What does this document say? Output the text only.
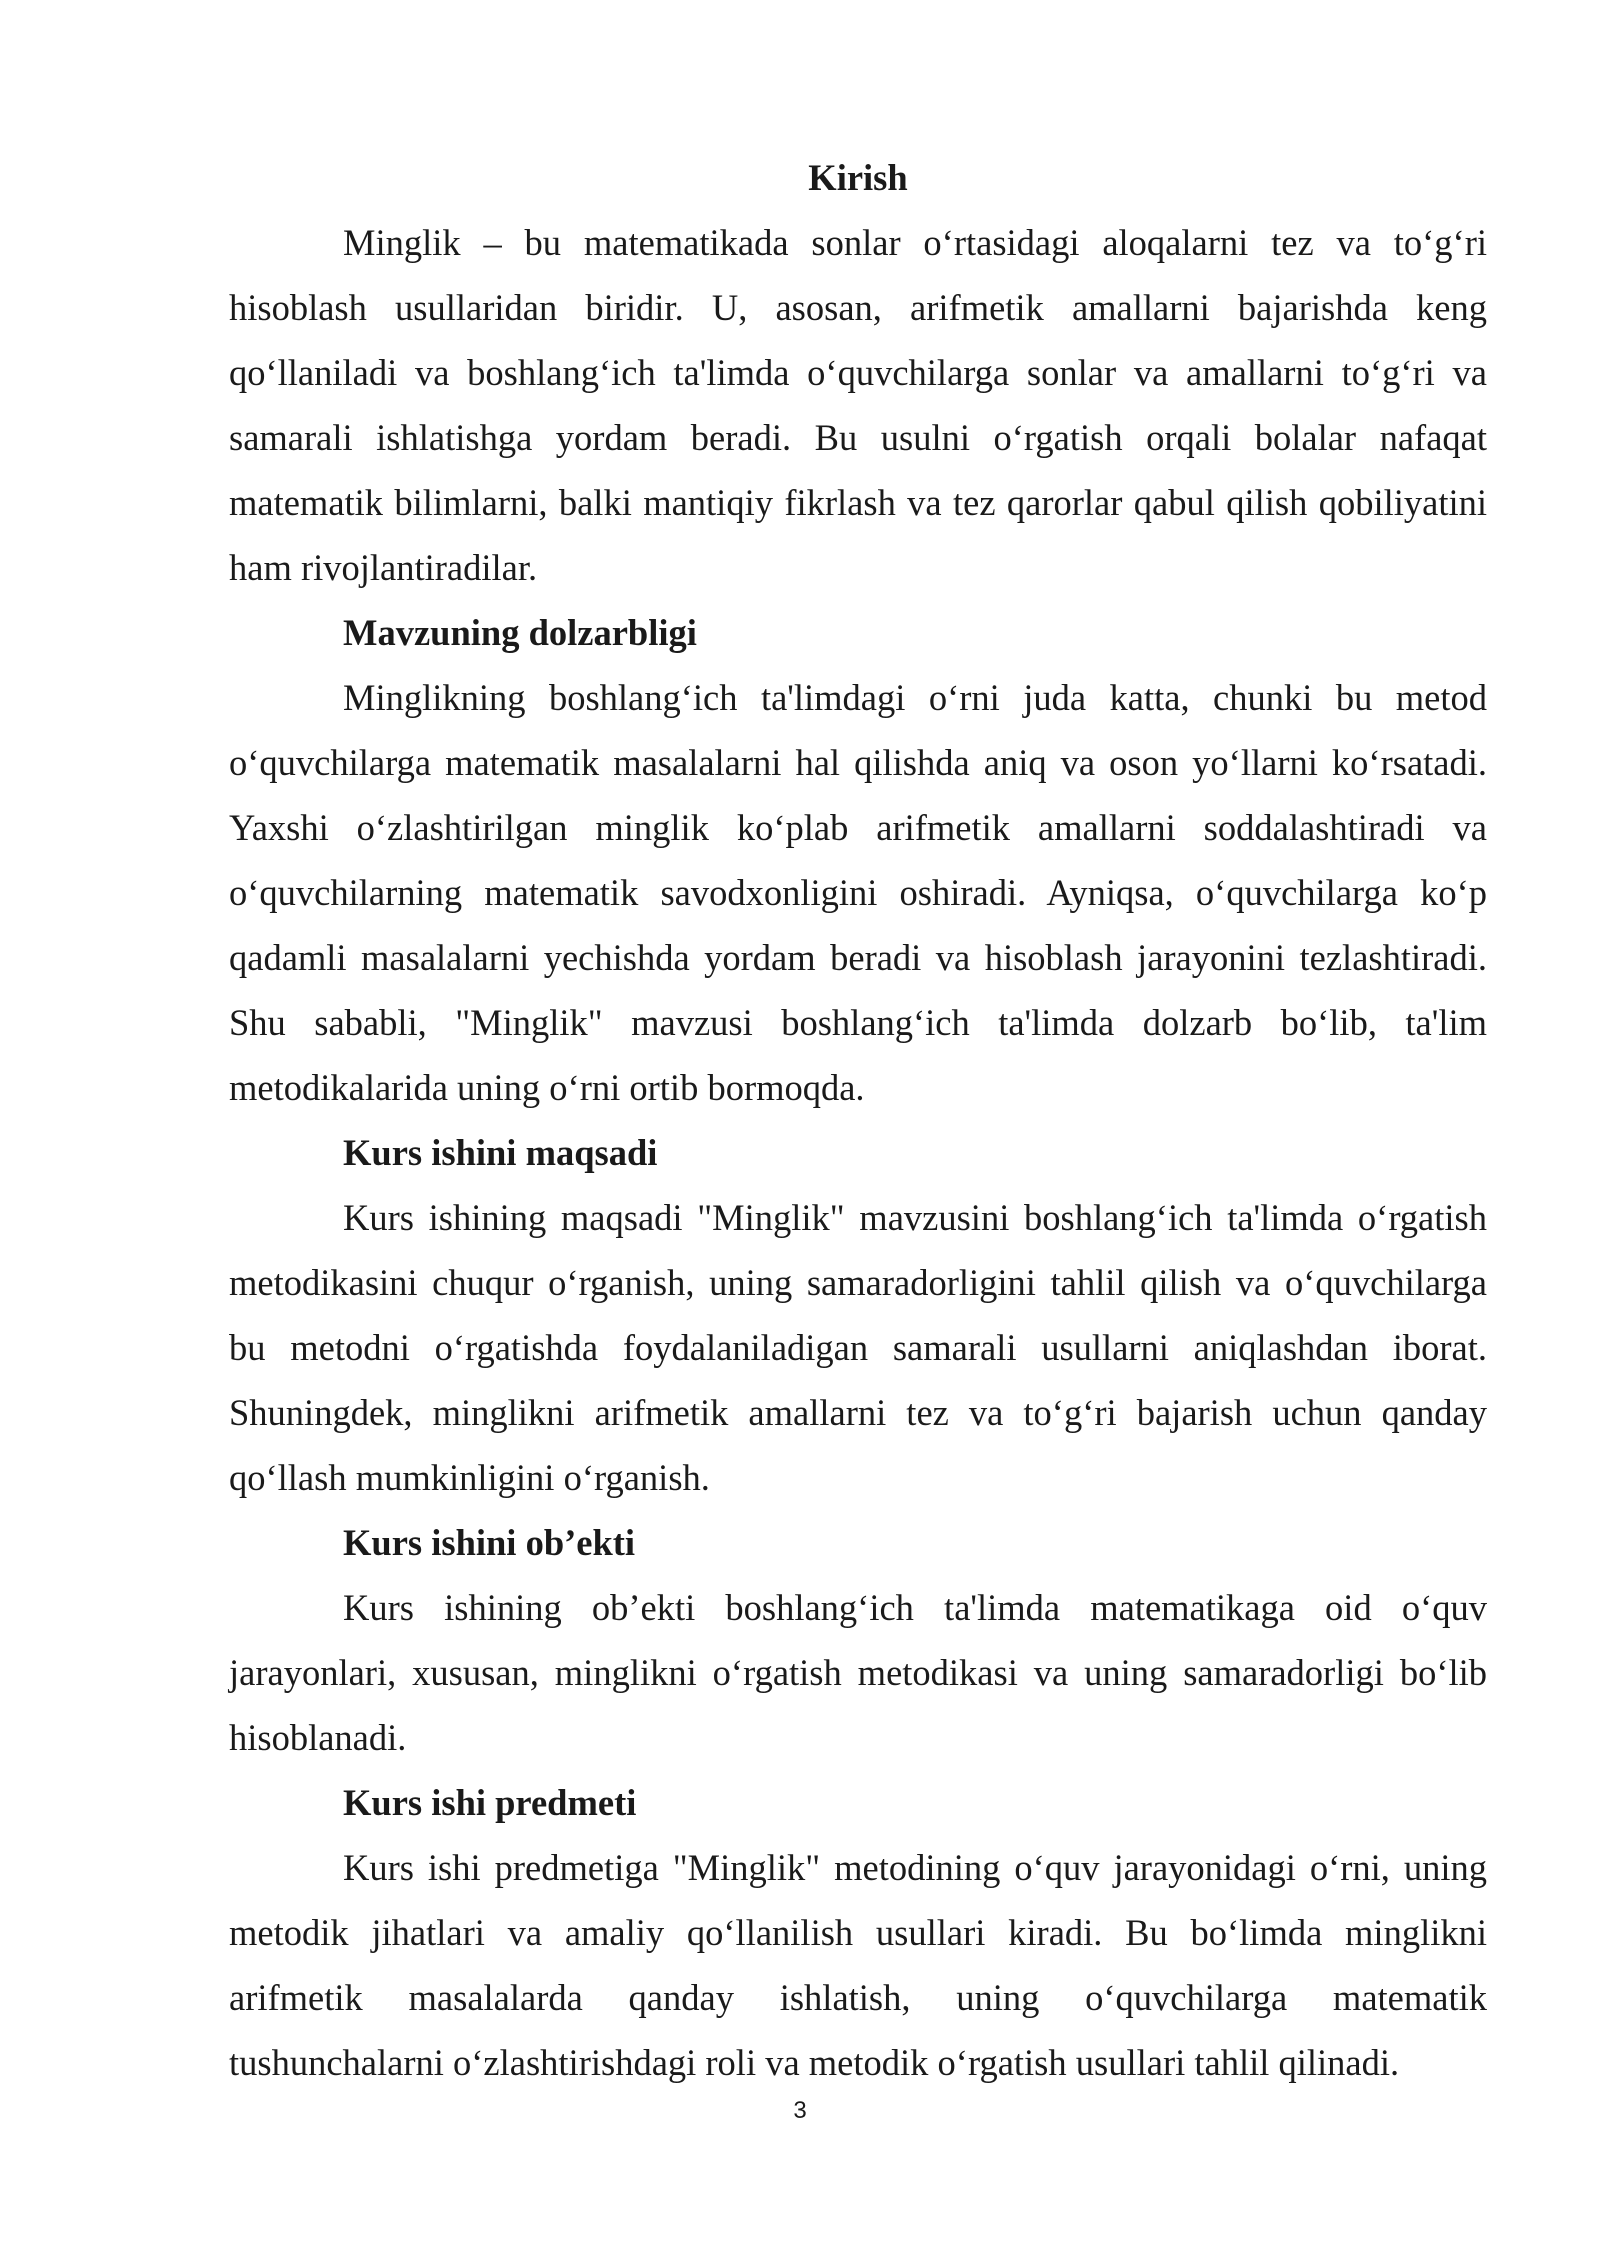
Kirish

Minglik – bu matematikada sonlar o‘rtasidagi aloqalarni tez va to‘g‘ri hisoblash usullaridan biridir. U, asosan, arifmetik amallarni bajarishda keng qo‘llaniladi va boshlang‘ich ta'limda o‘quvchilarga sonlar va amallarni to‘g‘ri va samarali ishlatishga yordam beradi. Bu usulni o‘rgatish orqali bolalar nafaqat matematik bilimlarni, balki mantiqiy fikrlash va tez qarorlar qabul qilish qobiliyatini ham rivojlantiradilar.

Mavzuning dolzarbligi

Minglikning boshlang‘ich ta'limdagi o‘rni juda katta, chunki bu metod o‘quvchilarga matematik masalalarni hal qilishda aniq va oson yo‘llarni ko‘rsatadi. Yaxshi o‘zlashtirilgan minglik ko‘plab arifmetik amallarni soddalashtiradi va o‘quvchilarning matematik savodxonligini oshiradi. Ayniqsa, o‘quvchilarga ko‘p qadamli masalalarni yechishda yordam beradi va hisoblash jarayonini tezlashtiradi. Shu sababli, "Minglik" mavzusi boshlang‘ich ta'limda dolzarb bo‘lib, ta'lim metodikalarida uning o‘rni ortib bormoqda.

Kurs ishini maqsadi

Kurs ishining maqsadi "Minglik" mavzusini boshlang‘ich ta'limda o‘rgatish metodikasini chuqur o‘rganish, uning samaradorligini tahlil qilish va o‘quvchilarga bu metodni o‘rgatishda foydalaniladigan samarali usullarni aniqlashdan iborat. Shuningdek, minglikni arifmetik amallarni tez va to‘g‘ri bajarish uchun qanday qo‘llash mumkinligini o‘rganish.

Kurs ishini ob’ekti

Kurs ishining ob’ekti boshlang‘ich ta'limda matematikaga oid o‘quv jarayonlari, xususan, minglikni o‘rgatish metodikasi va uning samaradorligi bo‘lib hisoblanadi.

Kurs ishi predmeti

Kurs ishi predmetiga "Minglik" metodining o‘quv jarayonidagi o‘rni, uning metodik jihatlari va amaliy qo‘llanilish usullari kiradi. Bu bo‘limda minglikni arifmetik masalalarda qanday ishlatish, uning o‘quvchilarga matematik tushunchalarni o‘zlashtirishdagi roli va metodik o‘rgatish usullari tahlil qilinadi.

3
